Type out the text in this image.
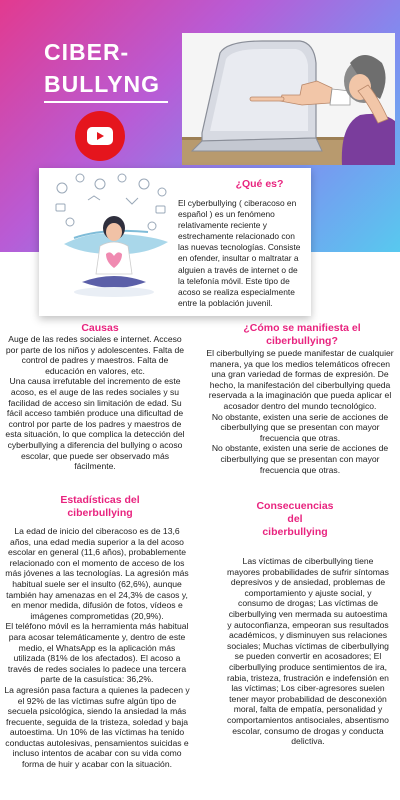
CIBER-
BULLYNG
¿Qué es?

El cyberbullying ( ciberacoso en español ) es un fenómeno relativamente reciente y estrechamente relacionado con las nuevas tecnologías. Consiste en ofender, insultar o maltratar a alguien a través de internet o de la telefonía móvil. Este tipo de acoso se realiza especialmente entre la población juvenil.

Causas
Auge de las redes sociales e internet. Acceso por parte de los niños y adolescentes. Falta de control de padres y maestros. Falta de educación en valores, etc.
Una causa irrefutable del incremento de este acoso, es el auge de las redes sociales y su facilidad de acceso sin limitación de edad. Su fácil acceso también produce una dificultad de control por parte de los padres y maestros de esta situación, lo que complica la detección del cyberbullying a diferencia del bullying o acoso escolar, que puede ser observado más fácilmente.
¿Cómo se manifiesta el
ciberbullying?
El ciberbullying se puede manifestar de cualquier manera, ya que los medios telemáticos ofrecen una gran variedad de formas de expresión. De hecho, la manifestación del ciberbullying queda reservada a la imaginación que pueda aplicar el acosador dentro del mundo tecnológico.
No obstante, existen una serie de acciones de ciberbullying que se presentan con mayor frecuencia que otras.
No obstante, existen una serie de acciones de ciberbullying que se presentan con mayor frecuencia que otras.
Estadísticas del
ciberbullying
La edad de inicio del ciberacoso es de 13,6 años, una edad media superior a la del acoso escolar en general (11,6 años), probablemente relacionado con el momento de acceso de los más jóvenes a las tecnologías. La agresión más habitual suele ser el insulto (62,6%), aunque también hay amenazas en el 24,3% de casos y, en menor medida, difusión de fotos, vídeos e imágenes comprometidas (20,9%).
El teléfono móvil es la herramienta más habitual para acosar telemáticamente y, dentro de este medio, el WhatsApp es la aplicación más utilizada (81% de los afectados). El acoso a través de redes sociales lo padece una tercera parte de la casuística: 36,2%.
La agresión pasa factura a quienes la padecen y el 92% de las víctimas sufre algún tipo de secuela psicológica, siendo la ansiedad la más frecuente, seguida de la tristeza, soledad y baja autoestima. Un 10% de las víctimas ha tenido conductas autolesivas, pensamientos suicidas e incluso intentos de acabar con su vida como forma de huir y acabar con la situación.
Consecuencias
del
ciberbullying

Las víctimas de ciberbullying tiene mayores probabilidades de sufrir síntomas depresivos y de ansiedad, problemas de comportamiento y ajuste social, y consumo de drogas; Las víctimas de ciberbullying ven mermada su autoestima y autoconfianza, empeoran sus resultados académicos, y disminuyen sus relaciones sociales; Muchas víctimas de ciberbullying se pueden convertir en acosadores; El ciberbullying produce sentimientos de ira, rabia, tristeza, frustración e indefensión en las víctimas; Los ciber-agresores suelen tener mayor probabilidad de desconexión moral, falta de empatía, personalidad y comportamientos antisociales, absentismo escolar, consumo de drogas y conducta delictiva.
